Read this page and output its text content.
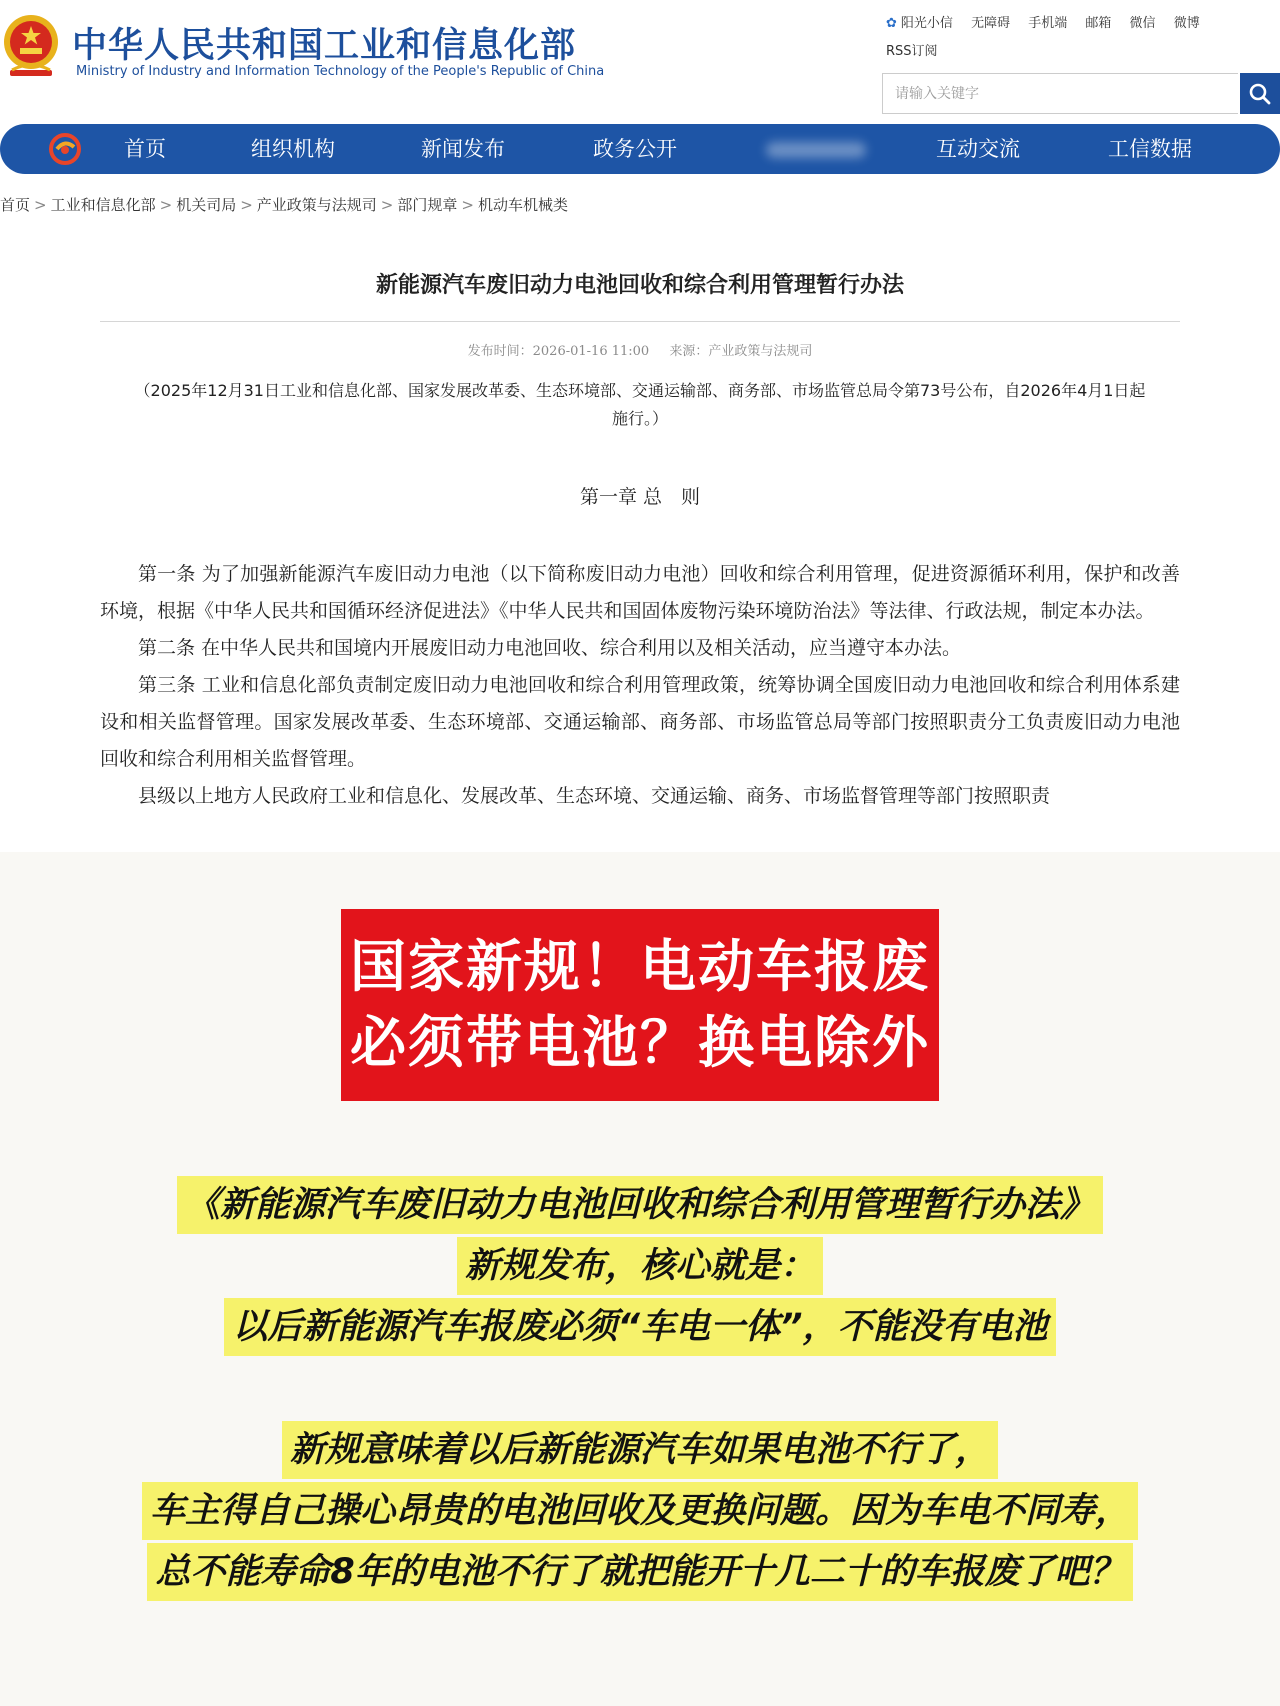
中华人民共和国工业和信息化部
Ministry of Industry and Information Technology of the People's Republic of China
✿ 阳光小信 无障碍 手机端 邮箱 微信 微博
RSS订阅
请输入关键字
首页	组织机构	新闻发布	政务公开	互动交流	工信数据
首页 > 工业和信息化部 > 机关司局 > 产业政策与法规司 > 部门规章 > 机动车机械类
新能源汽车废旧动力电池回收和综合利用管理暂行办法
发布时间：2026-01-16 11:00 来源：产业政策与法规司
（2025年12月31日工业和信息化部、国家发展改革委、生态环境部、交通运输部、商务部、市场监管总局令第73号公布，自2026年4月1日起施行。）
第一章 总　则

第一条 为了加强新能源汽车废旧动力电池（以下简称废旧动力电池）回收和综合利用管理，促进资源循环利用，保护和改善环境，根据《中华人民共和国循环经济促进法》《中华人民共和国固体废物污染环境防治法》等法律、行政法规，制定本办法。

第二条 在中华人民共和国境内开展废旧动力电池回收、综合利用以及相关活动，应当遵守本办法。

第三条 工业和信息化部负责制定废旧动力电池回收和综合利用管理政策，统筹协调全国废旧动力电池回收和综合利用体系建设和相关监督管理。国家发展改革委、生态环境部、交通运输部、商务部、市场监管总局等部门按照职责分工负责废旧动力电池回收和综合利用相关监督管理。

县级以上地方人民政府工业和信息化、发展改革、生态环境、交通运输、商务、市场监督管理等部门按照职责

国家新规！电动车报废
必须带电池？换电除外
《新能源汽车废旧动力电池回收和综合利用管理暂行办法》
新规发布，核心就是：
以后新能源汽车报废必须“车电一体”，不能没有电池
新规意味着以后新能源汽车如果电池不行了，
车主得自己操心昂贵的电池回收及更换问题。因为车电不同寿，
总不能寿命8年的电池不行了就把能开十几二十的车报废了吧？
